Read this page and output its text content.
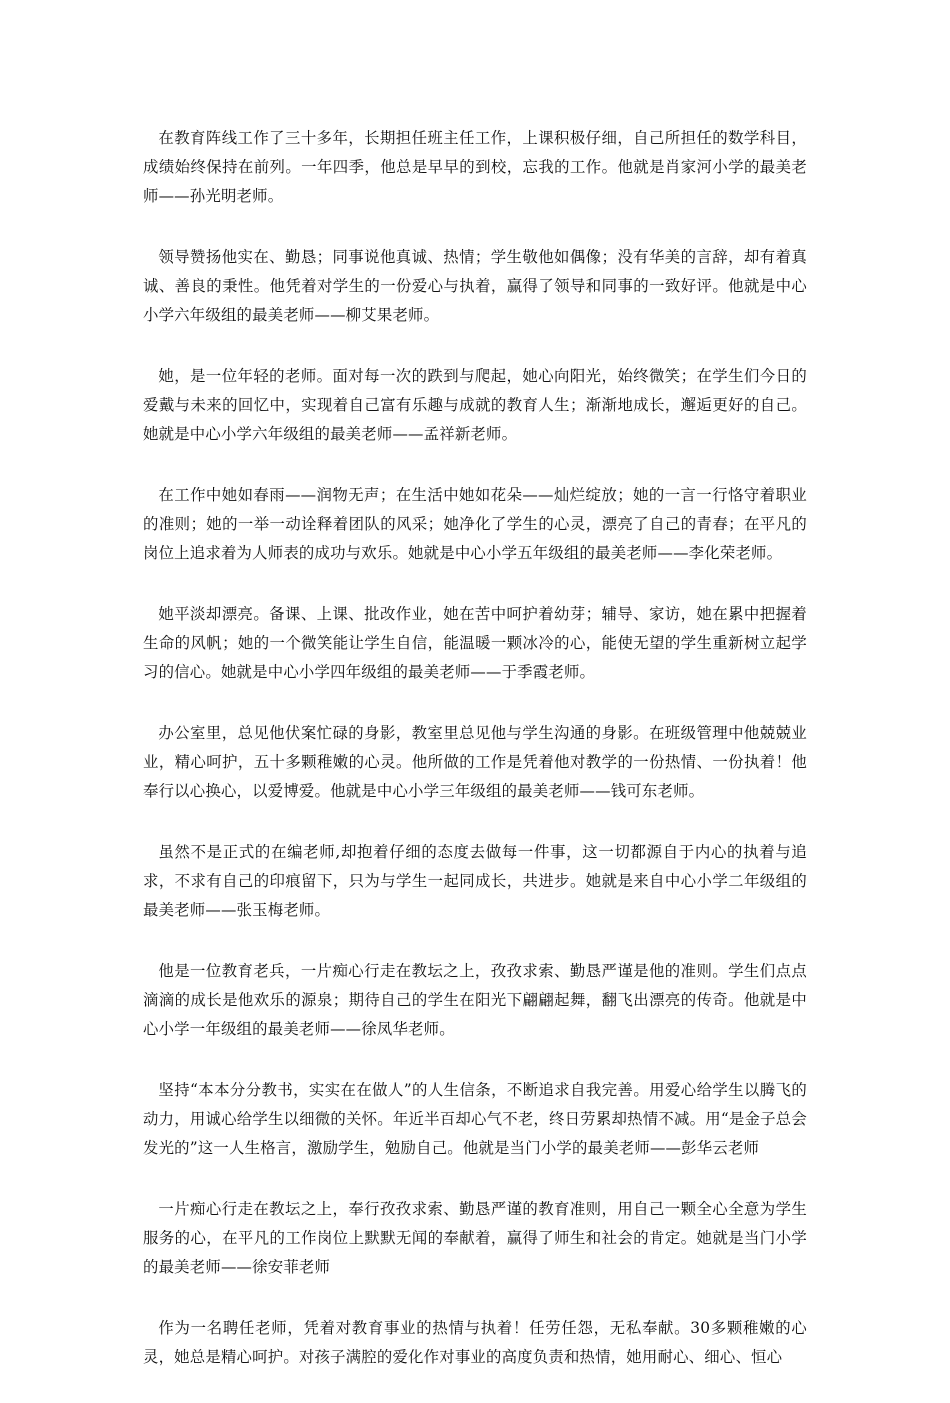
在教育阵线工作了三十多年，长期担任班主任工作，上课积极仔细，自己所担任的数学科目，成绩始终保持在前列。一年四季，他总是早早的到校，忘我的工作。他就是肖家河小学的最美老师——孙光明老师。

领导赞扬他实在、勤恳；同事说他真诚、热情；学生敬他如偶像；没有华美的言辞，却有着真诚、善良的秉性。他凭着对学生的一份爱心与执着，赢得了领导和同事的一致好评。他就是中心小学六年级组的最美老师——柳艾果老师。

她，是一位年轻的老师。面对每一次的跌到与爬起，她心向阳光，始终微笑；在学生们今日的爱戴与未来的回忆中，实现着自己富有乐趣与成就的教育人生；渐渐地成长，邂逅更好的自己。她就是中心小学六年级组的最美老师——孟祥新老师。

在工作中她如春雨——润物无声；在生活中她如花朵——灿烂绽放；她的一言一行恪守着职业的准则；她的一举一动诠释着团队的风采；她净化了学生的心灵，漂亮了自己的青春；在平凡的岗位上追求着为人师表的成功与欢乐。她就是中心小学五年级组的最美老师——李化荣老师。

她平淡却漂亮。备课、上课、批改作业，她在苦中呵护着幼芽；辅导、家访，她在累中把握着生命的风帆；她的一个微笑能让学生自信，能温暖一颗冰冷的心，能使无望的学生重新树立起学习的信心。她就是中心小学四年级组的最美老师——于季霞老师。

办公室里，总见他伏案忙碌的身影，教室里总见他与学生沟通的身影。在班级管理中他兢兢业业，精心呵护，五十多颗稚嫩的心灵。他所做的工作是凭着他对教学的一份热情、一份执着！他奉行以心换心，以爱博爱。他就是中心小学三年级组的最美老师——钱可东老师。

虽然不是正式的在编老师,却抱着仔细的态度去做每一件事，这一切都源自于内心的执着与追求，不求有自己的印痕留下，只为与学生一起同成长，共进步。她就是来自中心小学二年级组的最美老师——张玉梅老师。

他是一位教育老兵，一片痴心行走在教坛之上，孜孜求索、勤恳严谨是他的准则。学生们点点滴滴的成长是他欢乐的源泉；期待自己的学生在阳光下翩翩起舞，翻飞出漂亮的传奇。他就是中心小学一年级组的最美老师——徐凤华老师。

坚持“本本分分教书，实实在在做人”的人生信条，不断追求自我完善。用爱心给学生以腾飞的动力，用诚心给学生以细微的关怀。年近半百却心气不老，终日劳累却热情不减。用“是金子总会发光的”这一人生格言，激励学生，勉励自己。他就是当门小学的最美老师——彭华云老师

一片痴心行走在教坛之上，奉行孜孜求索、勤恳严谨的教育准则，用自己一颗全心全意为学生服务的心，在平凡的工作岗位上默默无闻的奉献着，赢得了师生和社会的肯定。她就是当门小学的最美老师——徐安菲老师

作为一名聘任老师，凭着对教育事业的热情与执着！任劳任怨，无私奉献。30多颗稚嫩的心灵，她总是精心呵护。对孩子满腔的爱化作对事业的高度负责和热情，她用耐心、细心、恒心
